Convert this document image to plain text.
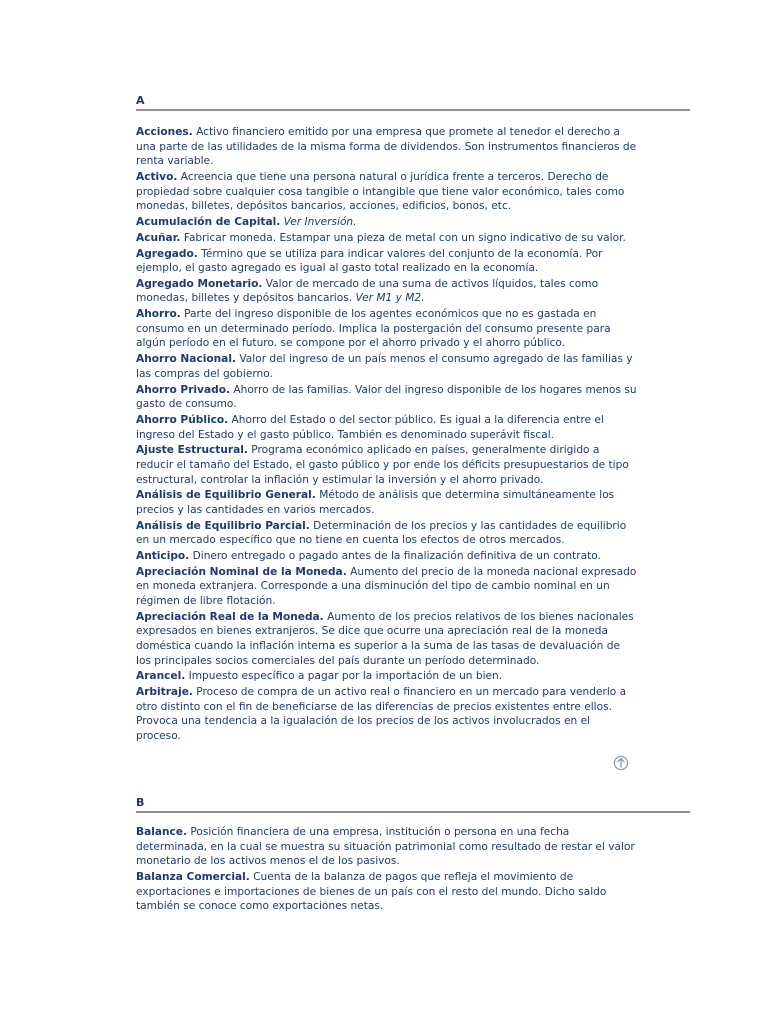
A
Acciones. Activo financiero emitido por una empresa que promete al tenedor el derecho a una parte de las utilidades de la misma forma de dividendos. Son instrumentos financieros de renta variable.
Activo. Acreencia que tiene una persona natural o jurídica frente a terceros. Derecho de propiedad sobre cualquier cosa tangible o intangible que tiene valor económico, tales como monedas, billetes, depósitos bancarios, acciones, edificios, bonos, etc.
Acumulación de Capital. Ver Inversión.
Acuñar. Fabricar moneda. Estampar una pieza de metal con un signo indicativo de su valor.
Agregado. Término que se utiliza para indicar valores del conjunto de la economía. Por ejemplo, el gasto agregado es igual al gasto total realizado en la economía.
Agregado Monetario. Valor de mercado de una suma de activos líquidos, tales como monedas, billetes y depósitos bancarios. Ver M1 y M2.
Ahorro. Parte del ingreso disponible de los agentes económicos que no es gastada en consumo en un determinado período. Implica la postergación del consumo presente para algún período en el futuro. se compone por el ahorro privado y el ahorro público.
Ahorro Nacional. Valor del ingreso de un país menos el consumo agregado de las familias y las compras del gobierno.
Ahorro Privado. Ahorro de las familias. Valor del ingreso disponible de los hogares menos su gasto de consumo.
Ahorro Público. Ahorro del Estado o del sector público. Es igual a la diferencia entre el ingreso del Estado y el gasto público. También es denominado superávit fiscal.
Ajuste Estructural. Programa económico aplicado en países, generalmente dirigido a reducir el tamaño del Estado, el gasto público y por ende los déficits presupuestarios de tipo estructural, controlar la inflación y estimular la inversión y el ahorro privado.
Análisis de Equilibrio General. Método de análisis que determina simultáneamente los precios y las cantidades en varios mercados.
Análisis de Equilibrio Parcial. Determinación de los precios y las cantidades de equilibrio en un mercado específico que no tiene en cuenta los efectos de otros mercados.
Anticipo. Dinero entregado o pagado antes de la finalización definitiva de un contrato.
Apreciación Nominal de la Moneda. Aumento del precio de la moneda nacional expresado en moneda extranjera. Corresponde a una disminución del tipo de cambio nominal en un régimen de libre flotación.
Apreciación Real de la Moneda. Aumento de los precios relativos de los bienes nacionales expresados en bienes extranjeros. Se dice que ocurre una apreciación real de la moneda doméstica cuando la inflación interna es superior a la suma de las tasas de devaluación de los principales socios comerciales del país durante un período determinado.
Arancel. Impuesto específico a pagar por la importación de un bien.
Arbitraje. Proceso de compra de un activo real o financiero en un mercado para venderlo a otro distinto con el fin de beneficiarse de las diferencias de precios existentes entre ellos. Provoca una tendencia a la igualación de los precios de los activos involucrados en el proceso.
B
Balance. Posición financiera de una empresa, institución o persona en una fecha determinada, en la cual se muestra su situación patrimonial como resultado de restar el valor monetario de los activos menos el de los pasivos.
Balanza Comercial. Cuenta de la balanza de pagos que refleja el movimiento de exportaciones e importaciones de bienes de un país con el resto del mundo. Dicho saldo también se conoce como exportaciones netas.
